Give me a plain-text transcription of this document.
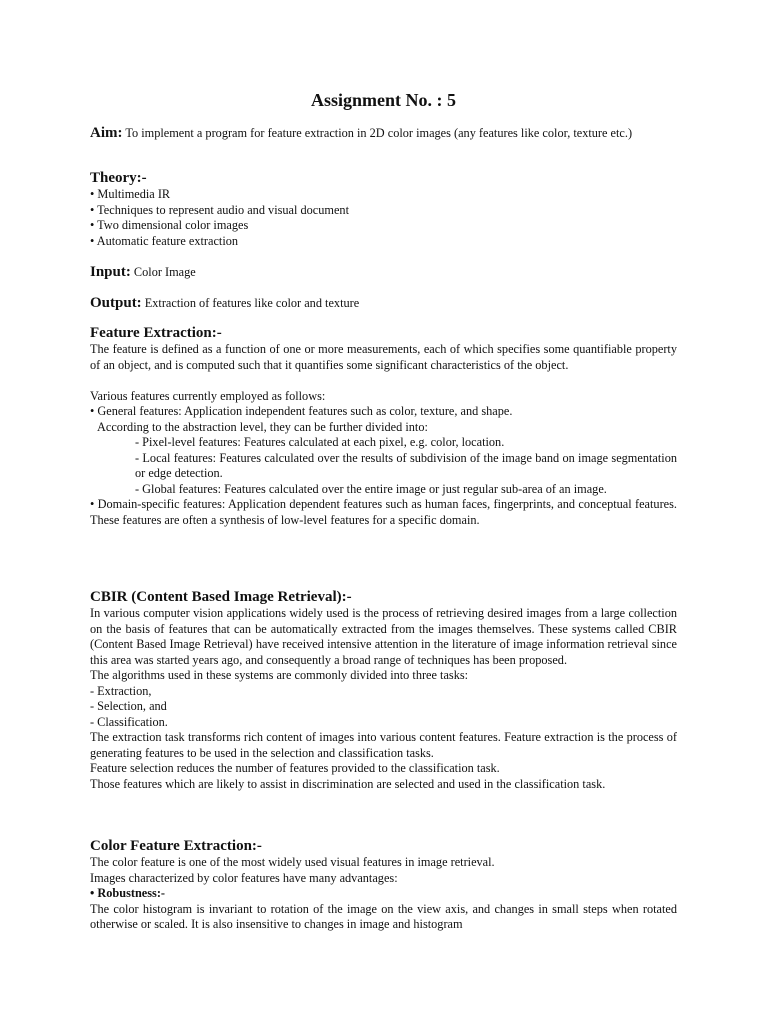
Assignment No. : 5

Aim: To implement a program for feature extraction in 2D color images (any features like color, texture etc.)

Theory:-
• Multimedia IR
• Techniques to represent audio and visual document
• Two dimensional color images
• Automatic feature extraction
Input: Color Image
Output: Extraction of features like color and texture
Feature Extraction:-

The feature is defined as a function of one or more measurements, each of which specifies some quantifiable property of an object, and is computed such that it quantifies some significant characteristics of the object.

Various features currently employed as follows:

• General features: Application independent features such as color, texture, and shape.

According to the abstraction level, they can be further divided into:

- Pixel-level features: Features calculated at each pixel, e.g. color, location.

- Local features: Features calculated over the results of subdivision of the image band on image segmentation or edge detection.

- Global features: Features calculated over the entire image or just regular sub-area of an image.

• Domain-specific features: Application dependent features such as human faces, fingerprints, and conceptual features. These features are often a synthesis of low-level features for a specific domain.

CBIR (Content Based Image Retrieval):-

In various computer vision applications widely used is the process of retrieving desired images from a large collection on the basis of features that can be automatically extracted from the images themselves. These systems called CBIR (Content Based Image Retrieval) have received intensive attention in the literature of image information retrieval since this area was started years ago, and consequently a broad range of techniques has been proposed.

The algorithms used in these systems are commonly divided into three tasks:

- Extraction,

- Selection, and

- Classification.

The extraction task transforms rich content of images into various content features. Feature extraction is the process of generating features to be used in the selection and classification tasks.

Feature selection reduces the number of features provided to the classification task.

Those features which are likely to assist in discrimination are selected and used in the classification task.

Color Feature Extraction:-

The color feature is one of the most widely used visual features in image retrieval.

Images characterized by color features have many advantages:

• Robustness:-

The color histogram is invariant to rotation of the image on the view axis, and changes in small steps when rotated otherwise or scaled. It is also insensitive to changes in image and histogram
